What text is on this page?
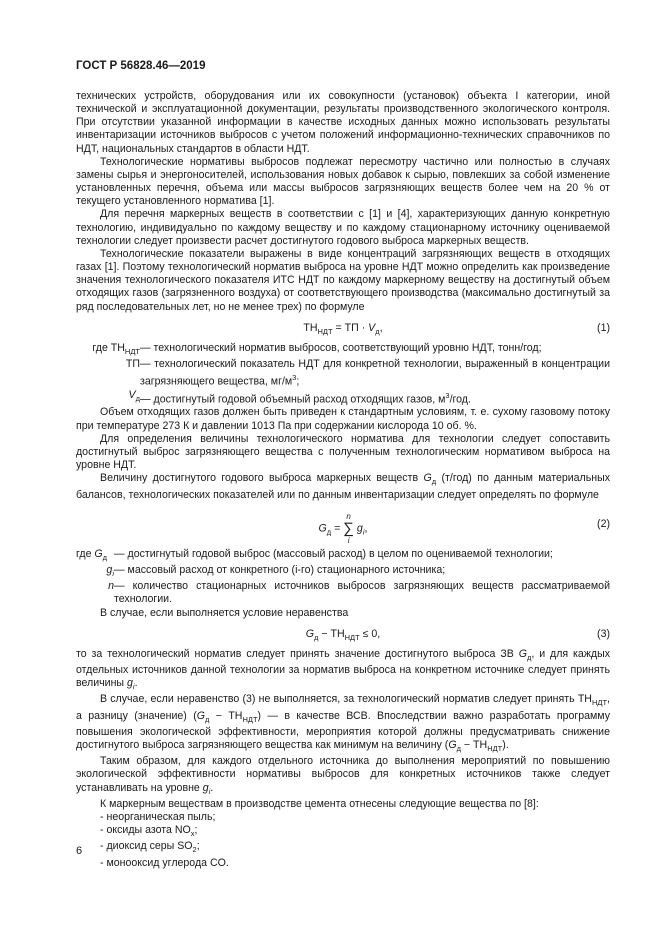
ГОСТ Р 56828.46—2019

технических устройств, оборудования или их совокупности (установок) объекта I категории, иной технической и эксплуатационной документации, результаты производственного экологического контроля. При отсутствии указанной информации в качестве исходных данных можно использовать результаты инвентаризации источников выбросов с учетом положений информационно-технических справочников по НДТ, национальных стандартов в области НДТ.

Технологические нормативы выбросов подлежат пересмотру частично или полностью в случаях замены сырья и энергоносителей, использования новых добавок к сырью, повлекших за собой изменение установленных перечня, объема или массы выбросов загрязняющих веществ более чем на 20 % от текущего установленного норматива [1].

Для перечня маркерных веществ в соответствии с [1] и [4], характеризующих данную конкретную технологию, индивидуально по каждому веществу и по каждому стационарному источнику оцениваемой технологии следует произвести расчет достигнутого годового выброса маркерных веществ.

Технологические показатели выражены в виде концентраций загрязняющих веществ в отходящих газах [1]. Поэтому технологический норматив выброса на уровне НДТ можно определить как произведение значения технологического показателя ИТС НДТ по каждому маркерному веществу на достигнутый объем отходящих газов (загрязненного воздуха) от соответствующего производства (максимально достигнутый за ряд последовательных лет, но не менее трех) по формуле

$ТН_{НДТ}$ = ТП · $V_д$,	(1)
где $ТН_{НДТ}$ — технологический норматив выбросов, соответствующий уровню НДТ, тонн/год;
ТП — технологический показатель НДТ для конкретной технологии, выраженный в концентрации загрязняющего вещества, $мг/м^3$;
$V_д$ — достигнутый годовой объемный расход отходящих газов, $м^3$/год.

Объем отходящих газов должен быть приведен к стандартным условиям, т. е. сухому газовому потоку при температуре 273 К и давлении 1013 Па при содержании кислорода 10 об. %.

Для определения величины технологического норматива для технологии следует сопоставить достигнутый выброс загрязняющего вещества с полученным технологическим нормативом выброса на уровне НДТ.

Величину достигнутого годового выброса маркерных веществ $G_д$ (т/год) по данным материальных балансов, технологических показателей или по данным инвентаризации следует определять по формуле

$G_д$ =
n
∑
i
$g_i$,	(2)
где $G_д$ — достигнутый годовой выброс (массовый расход) в целом по оцениваемой технологии;
$g_i$ — массовый расход от конкретного (i-го) стационарного источника;
n — количество стационарных источников выбросов загрязняющих веществ рассматриваемой технологии.

В случае, если выполняется условие неравенства

$G_д - ТН_{НДТ} \le 0$,	(3)

то за технологический норматив следует принять значение достигнутого выброса ЗВ $G_д$, и для каждых отдельных источников данной технологии за норматив выброса на конкретном источнике следует принять величины $g_i$.

В случае, если неравенство (3) не выполняется, за технологический норматив следует принять $ТН_{НДТ}$, а разницу (значение) $(G_д - ТН_{НДТ})$ — в качестве ВСВ. Впоследствии важно разработать программу повышения экологической эффективности, мероприятия которой должны предусматривать снижение достигнутого выброса загрязняющего вещества как минимум на величину $(G_д - ТН_{НДТ})$.

Таким образом, для каждого отдельного источника до выполнения мероприятий по повышению экологической эффективности нормативы выбросов для конкретных источников также следует устанавливать на уровне $g_i$.

К маркерным веществам в производстве цемента отнесены следующие вещества по [8]:

- неорганическая пыль;
- оксиды азота $NO_x$;
- диоксид серы $SO_2$;
- монооксид углерода CO.
6
